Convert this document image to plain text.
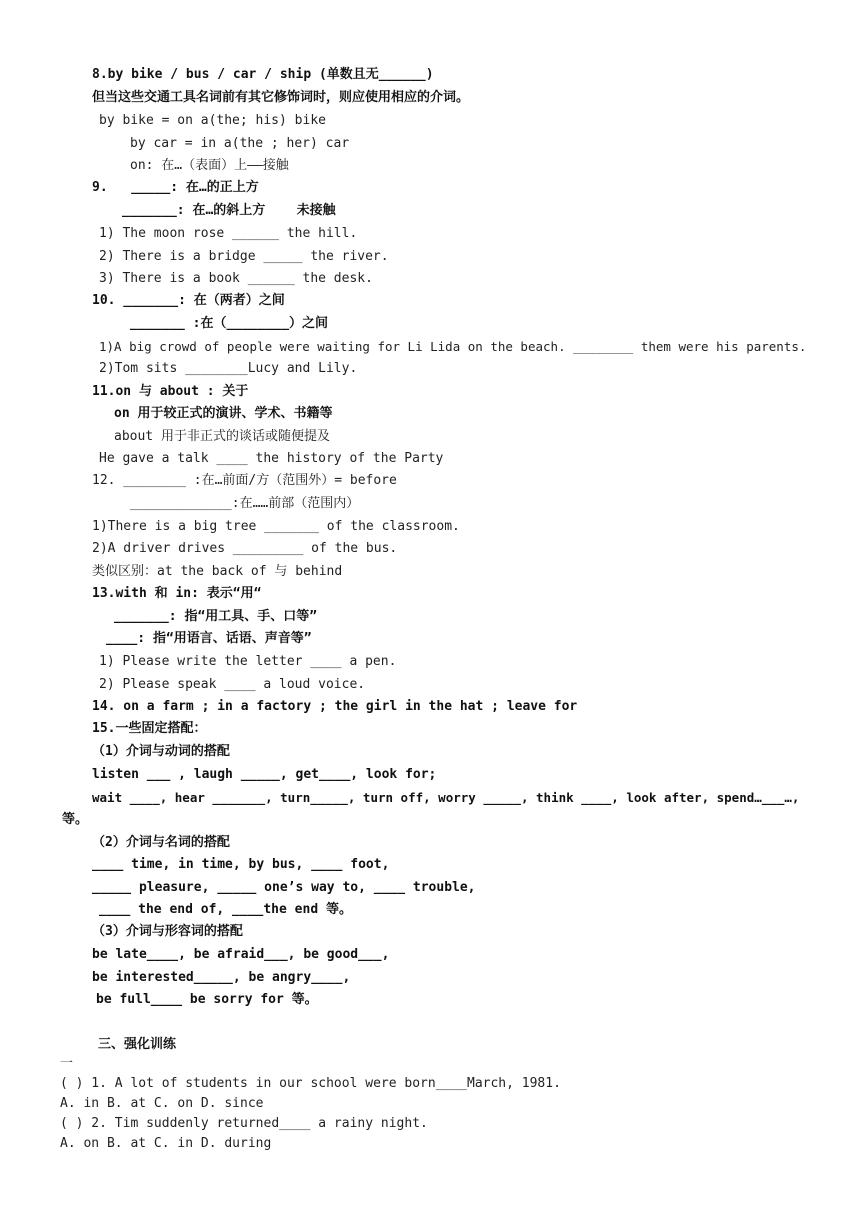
8.by bike / bus / car / ship (单数且无______)
但当这些交通工具名词前有其它修饰词时，则应使用相应的介词。
by bike = on a(the; his) bike
by car = in a(the ; her) car
on: 在…（表面）上——接触
9.   _____: 在…的正上方
_______: 在…的斜上方    未接触
1) The moon rose ______ the hill.
2) There is a bridge _____ the river.
3) There is a book ______ the desk.
10. _______: 在（两者）之间
_______ :在（________）之间
1)A big crowd of people were waiting for Li Lida on the beach. ________ them were his parents.
2)Tom sits ________Lucy and Lily.
11.on 与 about : 关于
on 用于较正式的演讲、学术、书籍等
about 用于非正式的谈话或随便提及
He gave a talk ____ the history of the Party
12. ________ :在…前面/方（范围外）= before
_____________:在……前部（范围内）
1)There is a big tree _______ of the classroom.
2)A driver drives _________ of the bus.
类似区别：at the back of 与 behind
13.with 和 in: 表示“用“
_______: 指“用工具、手、口等”
____: 指“用语言、话语、声音等”
1) Please write the letter ____ a pen.
2) Please speak ____ a loud voice.
14. on a farm ; in a factory ; the girl in the hat ; leave for
15.一些固定搭配：
（1）介词与动词的搭配
listen ___ , laugh _____, get____, look for;
wait ____, hear _______, turn_____, turn off, worry _____, think ____, look after, spend…___…,
等。
（2）介词与名词的搭配
____ time, in time, by bus, ____ foot,
_____ pleasure, _____ one’s way to, ____ trouble,
____ the end of, ____the end 等。
（3）介词与形容词的搭配
be late____, be afraid___, be good___,
be interested_____, be angry____,
be full____ be sorry for 等。
三、强化训练
一
( ) 1. A lot of students in our school were born____March, 1981.
A. in B. at C. on D. since
( ) 2. Tim suddenly returned____ a rainy night.
A. on B. at C. in D. during
